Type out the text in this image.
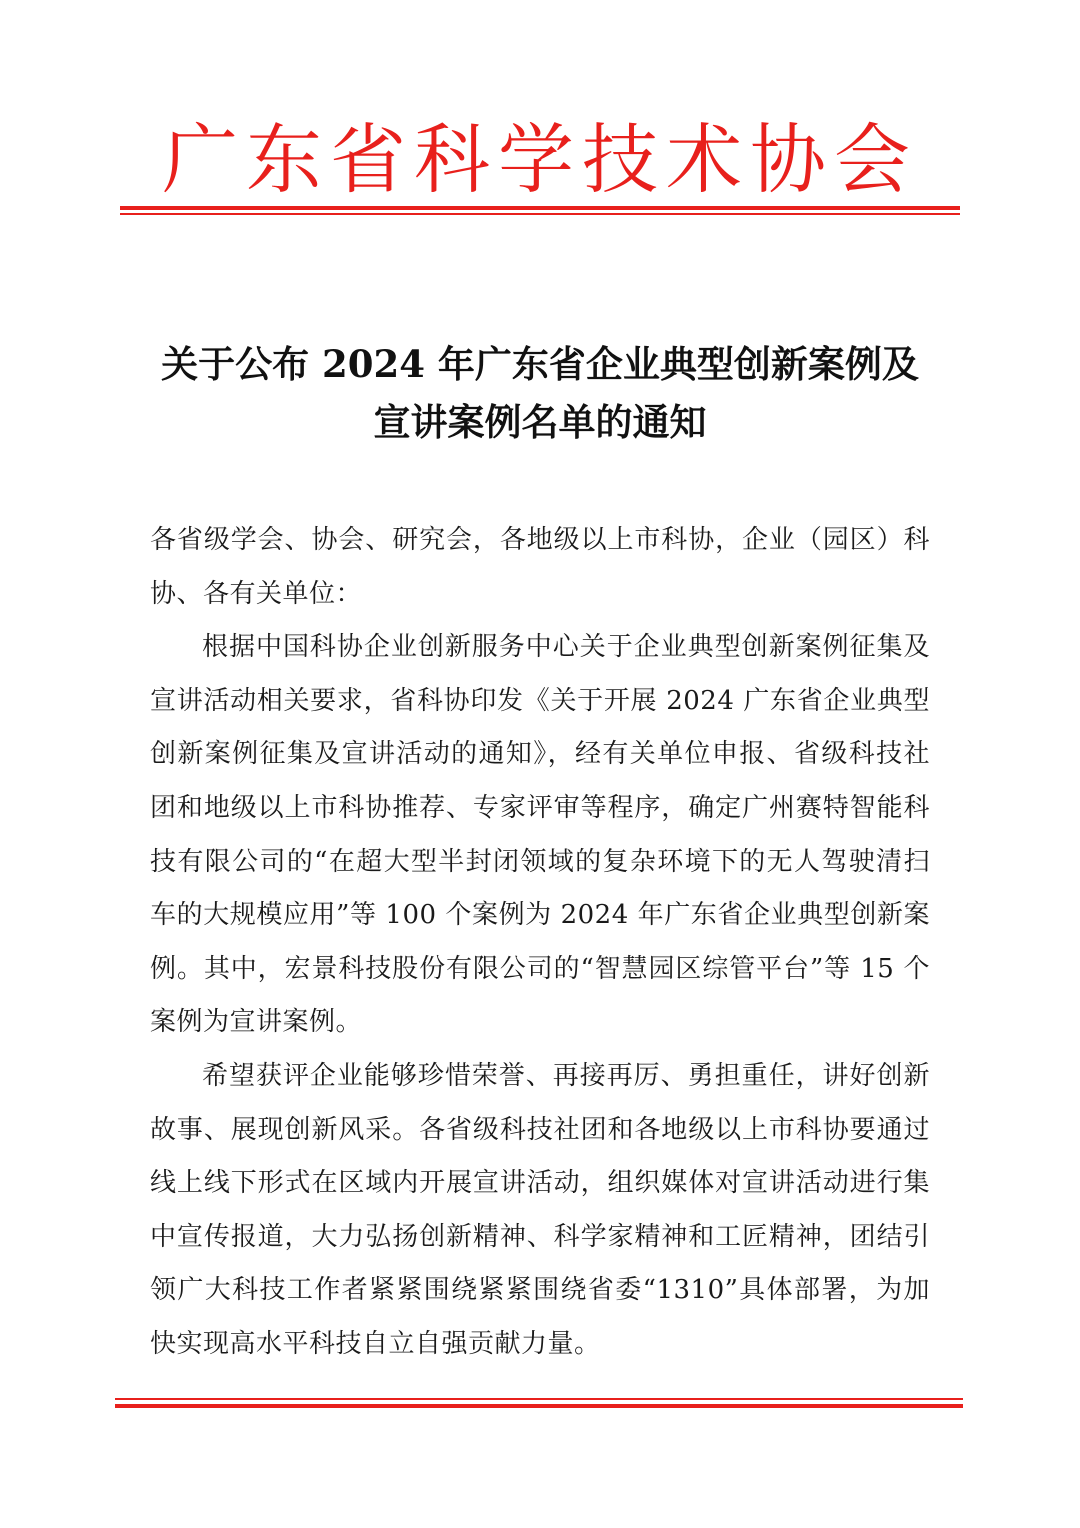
广东省科学技术协会
关于公布 2024 年广东省企业典型创新案例及
宣讲案例名单的通知

各省级学会、协会、研究会，各地级以上市科协，企业（园区）科协、各有关单位：

根据中国科协企业创新服务中心关于企业典型创新案例征集及宣讲活动相关要求，省科协印发《关于开展 2024 广东省企业典型创新案例征集及宣讲活动的通知》，经有关单位申报、省级科技社团和地级以上市科协推荐、专家评审等程序，确定广州赛特智能科技有限公司的“在超大型半封闭领域的复杂环境下的无人驾驶清扫车的大规模应用”等 100 个案例为 2024 年广东省企业典型创新案例。其中，宏景科技股份有限公司的“智慧园区综管平台”等 15 个案例为宣讲案例。

希望获评企业能够珍惜荣誉、再接再厉、勇担重任，讲好创新故事、展现创新风采。各省级科技社团和各地级以上市科协要通过线上线下形式在区域内开展宣讲活动，组织媒体对宣讲活动进行集中宣传报道，大力弘扬创新精神、科学家精神和工匠精神，团结引领广大科技工作者紧紧围绕紧紧围绕省委“1310”具体部署，为加快实现高水平科技自立自强贡献力量。
